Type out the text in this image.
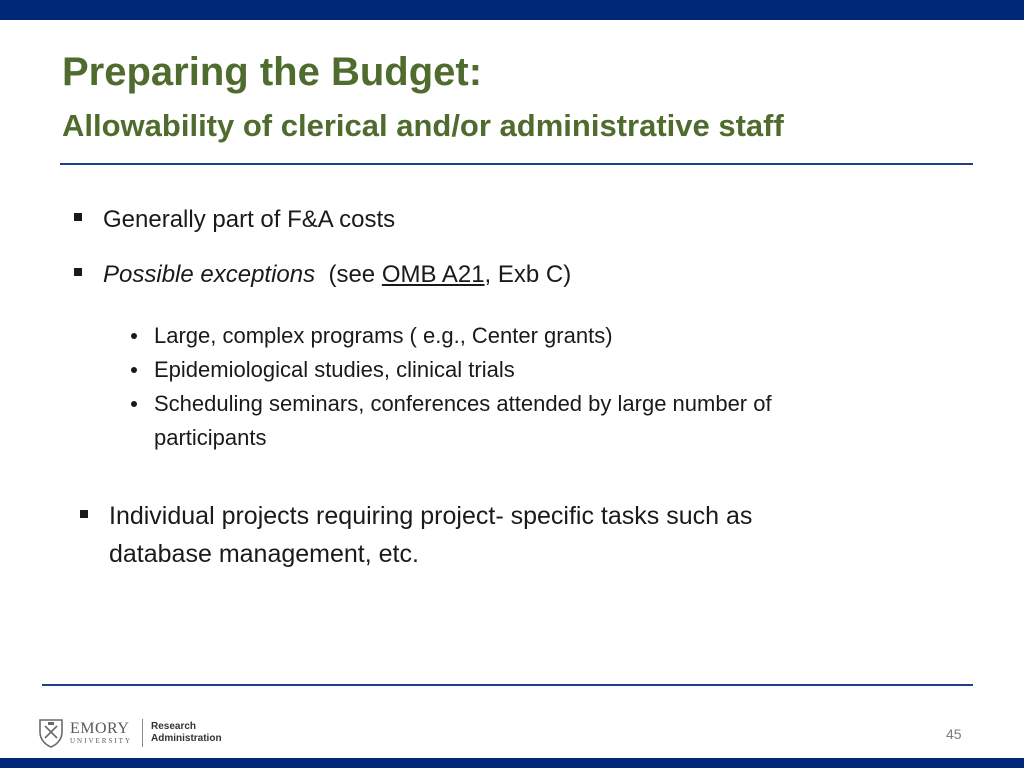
Preparing the Budget:
Allowability of clerical and/or administrative staff
Generally part of F&A costs
Possible exceptions  (see OMB A21, Exb C)
Large, complex programs ( e.g., Center grants)
Epidemiological studies, clinical trials
Scheduling seminars, conferences attended by large number of
participants
Individual projects requiring project- specific tasks such as
database management, etc.
EMORY
UNIVERSITY
Research
Administration	45
